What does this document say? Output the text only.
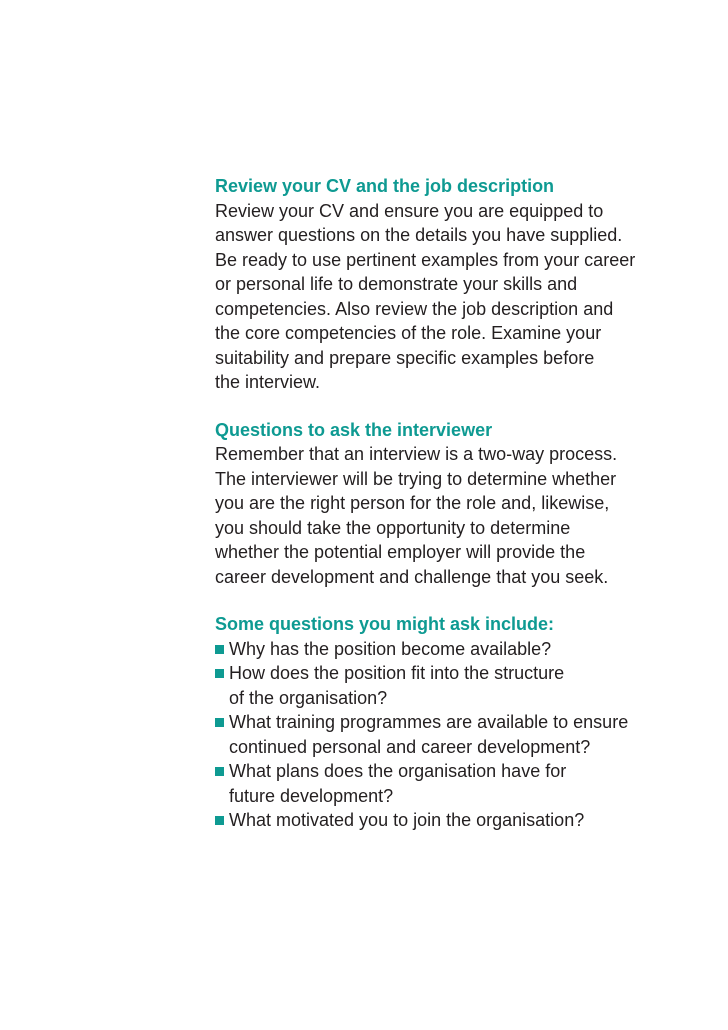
Review your CV and the job description
Review your CV and ensure you are equipped to
answer questions on the details you have supplied.
Be ready to use pertinent examples from your career
or personal life to demonstrate your skills and
competencies. Also review the job description and
the core competencies of the role. Examine your
suitability and prepare specific examples before
the interview.
Questions to ask the interviewer
Remember that an interview is a two-way process.
The interviewer will be trying to determine whether
you are the right person for the role and, likewise,
you should take the opportunity to determine
whether the potential employer will provide the
career development and challenge that you seek.
Some questions you might ask include:
Why has the position become available?
How does the position fit into the structure
of the organisation?
What training programmes are available to ensure
continued personal and career development?
What plans does the organisation have for
future development?
What motivated you to join the organisation?
